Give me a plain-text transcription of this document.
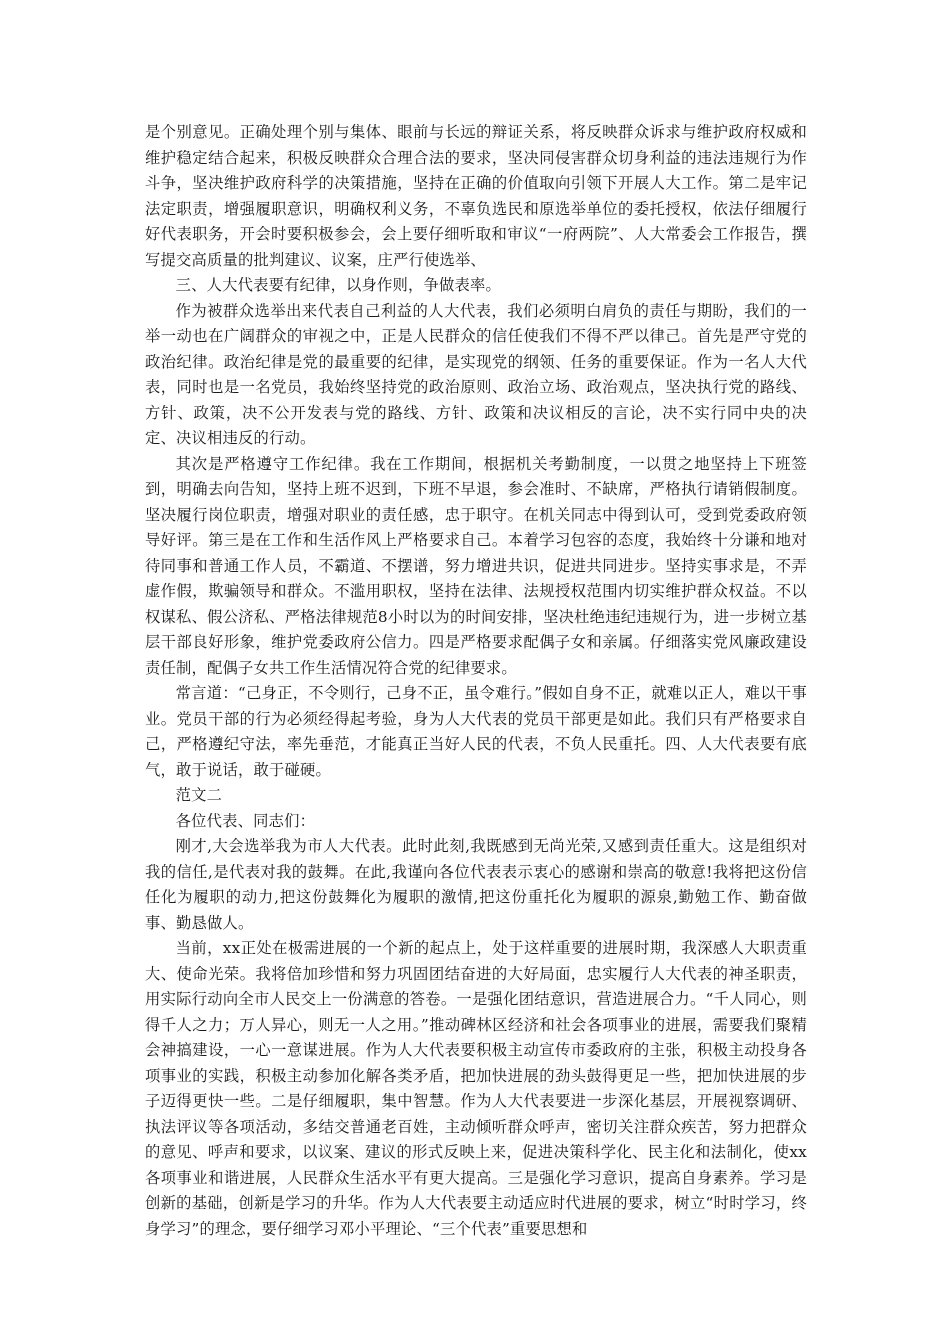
是个别意见。正确处理个别与集体、眼前与长远的辩证关系，将反映群众诉求与维护政府权威和维护稳定结合起来，积极反映群众合理合法的要求，坚决同侵害群众切身利益的违法违规行为作斗争，坚决维护政府科学的决策措施，坚持在正确的价值取向引领下开展人大工作。第二是牢记法定职责，增强履职意识，明确权利义务，不辜负选民和原选举单位的委托授权，依法仔细履行好代表职务，开会时要积极参会，会上要仔细听取和审议“一府两院”、人大常委会工作报告，撰写提交高质量的批判建议、议案，庄严行使选举、

三、人大代表要有纪律，以身作则，争做表率。

作为被群众选举出来代表自己利益的人大代表，我们必须明白肩负的责任与期盼，我们的一举一动也在广阔群众的审视之中，正是人民群众的信任使我们不得不严以律己。首先是严守党的政治纪律。政治纪律是党的最重要的纪律，是实现党的纲领、任务的重要保证。作为一名人大代表，同时也是一名党员，我始终坚持党的政治原则、政治立场、政治观点，坚决执行党的路线、方针、政策，决不公开发表与党的路线、方针、政策和决议相反的言论，决不实行同中央的决定、决议相违反的行动。

其次是严格遵守工作纪律。我在工作期间，根据机关考勤制度，一以贯之地坚持上下班签到，明确去向告知，坚持上班不迟到，下班不早退，参会准时、不缺席，严格执行请销假制度。坚决履行岗位职责，增强对职业的责任感，忠于职守。在机关同志中得到认可，受到党委政府领导好评。第三是在工作和生活作风上严格要求自己。本着学习包容的态度，我始终十分谦和地对待同事和普通工作人员，不霸道、不摆谱，努力增进共识，促进共同进步。坚持实事求是，不弄虚作假，欺骗领导和群众。不滥用职权，坚持在法律、法规授权范围内切实维护群众权益。不以权谋私、假公济私、严格法律规范8小时以为的时间安排，坚决杜绝违纪违规行为，进一步树立基层干部良好形象，维护党委政府公信力。四是严格要求配偶子女和亲属。仔细落实党风廉政建设责任制，配偶子女共工作生活情况符合党的纪律要求。

常言道：“己身正，不令则行，己身不正，虽令难行。”假如自身不正，就难以正人，难以干事业。党员干部的行为必须经得起考验，身为人大代表的党员干部更是如此。我们只有严格要求自己，严格遵纪守法，率先垂范，才能真正当好人民的代表，不负人民重托。四、人大代表要有底气，敢于说话，敢于碰硬。

范文二

各位代表、同志们：

刚才,大会选举我为市人大代表。此时此刻,我既感到无尚光荣,又感到责任重大。这是组织对我的信任,是代表对我的鼓舞。在此,我谨向各位代表表示衷心的感谢和崇高的敬意!我将把这份信任化为履职的动力,把这份鼓舞化为履职的激情,把这份重托化为履职的源泉,勤勉工作、勤奋做事、勤恳做人。

当前，xx正处在极需进展的一个新的起点上，处于这样重要的进展时期，我深感人大职责重大、使命光荣。我将倍加珍惜和努力巩固团结奋进的大好局面，忠实履行人大代表的神圣职责，用实际行动向全市人民交上一份满意的答卷。一是强化团结意识，营造进展合力。“千人同心，则得千人之力；万人异心，则无一人之用。”推动碑林区经济和社会各项事业的进展，需要我们聚精会神搞建设，一心一意谋进展。作为人大代表要积极主动宣传市委政府的主张，积极主动投身各项事业的实践，积极主动参加化解各类矛盾，把加快进展的劲头鼓得更足一些，把加快进展的步子迈得更快一些。二是仔细履职，集中智慧。作为人大代表要进一步深化基层，开展视察调研、执法评议等各项活动，多结交普通老百姓，主动倾听群众呼声，密切关注群众疾苦，努力把群众的意见、呼声和要求，以议案、建议的形式反映上来，促进决策科学化、民主化和法制化，使xx各项事业和谐进展，人民群众生活水平有更大提高。三是强化学习意识，提高自身素养。学习是创新的基础，创新是学习的升华。作为人大代表要主动适应时代进展的要求，树立“时时学习，终身学习”的理念，要仔细学习邓小平理论、“三个代表”重要思想和
